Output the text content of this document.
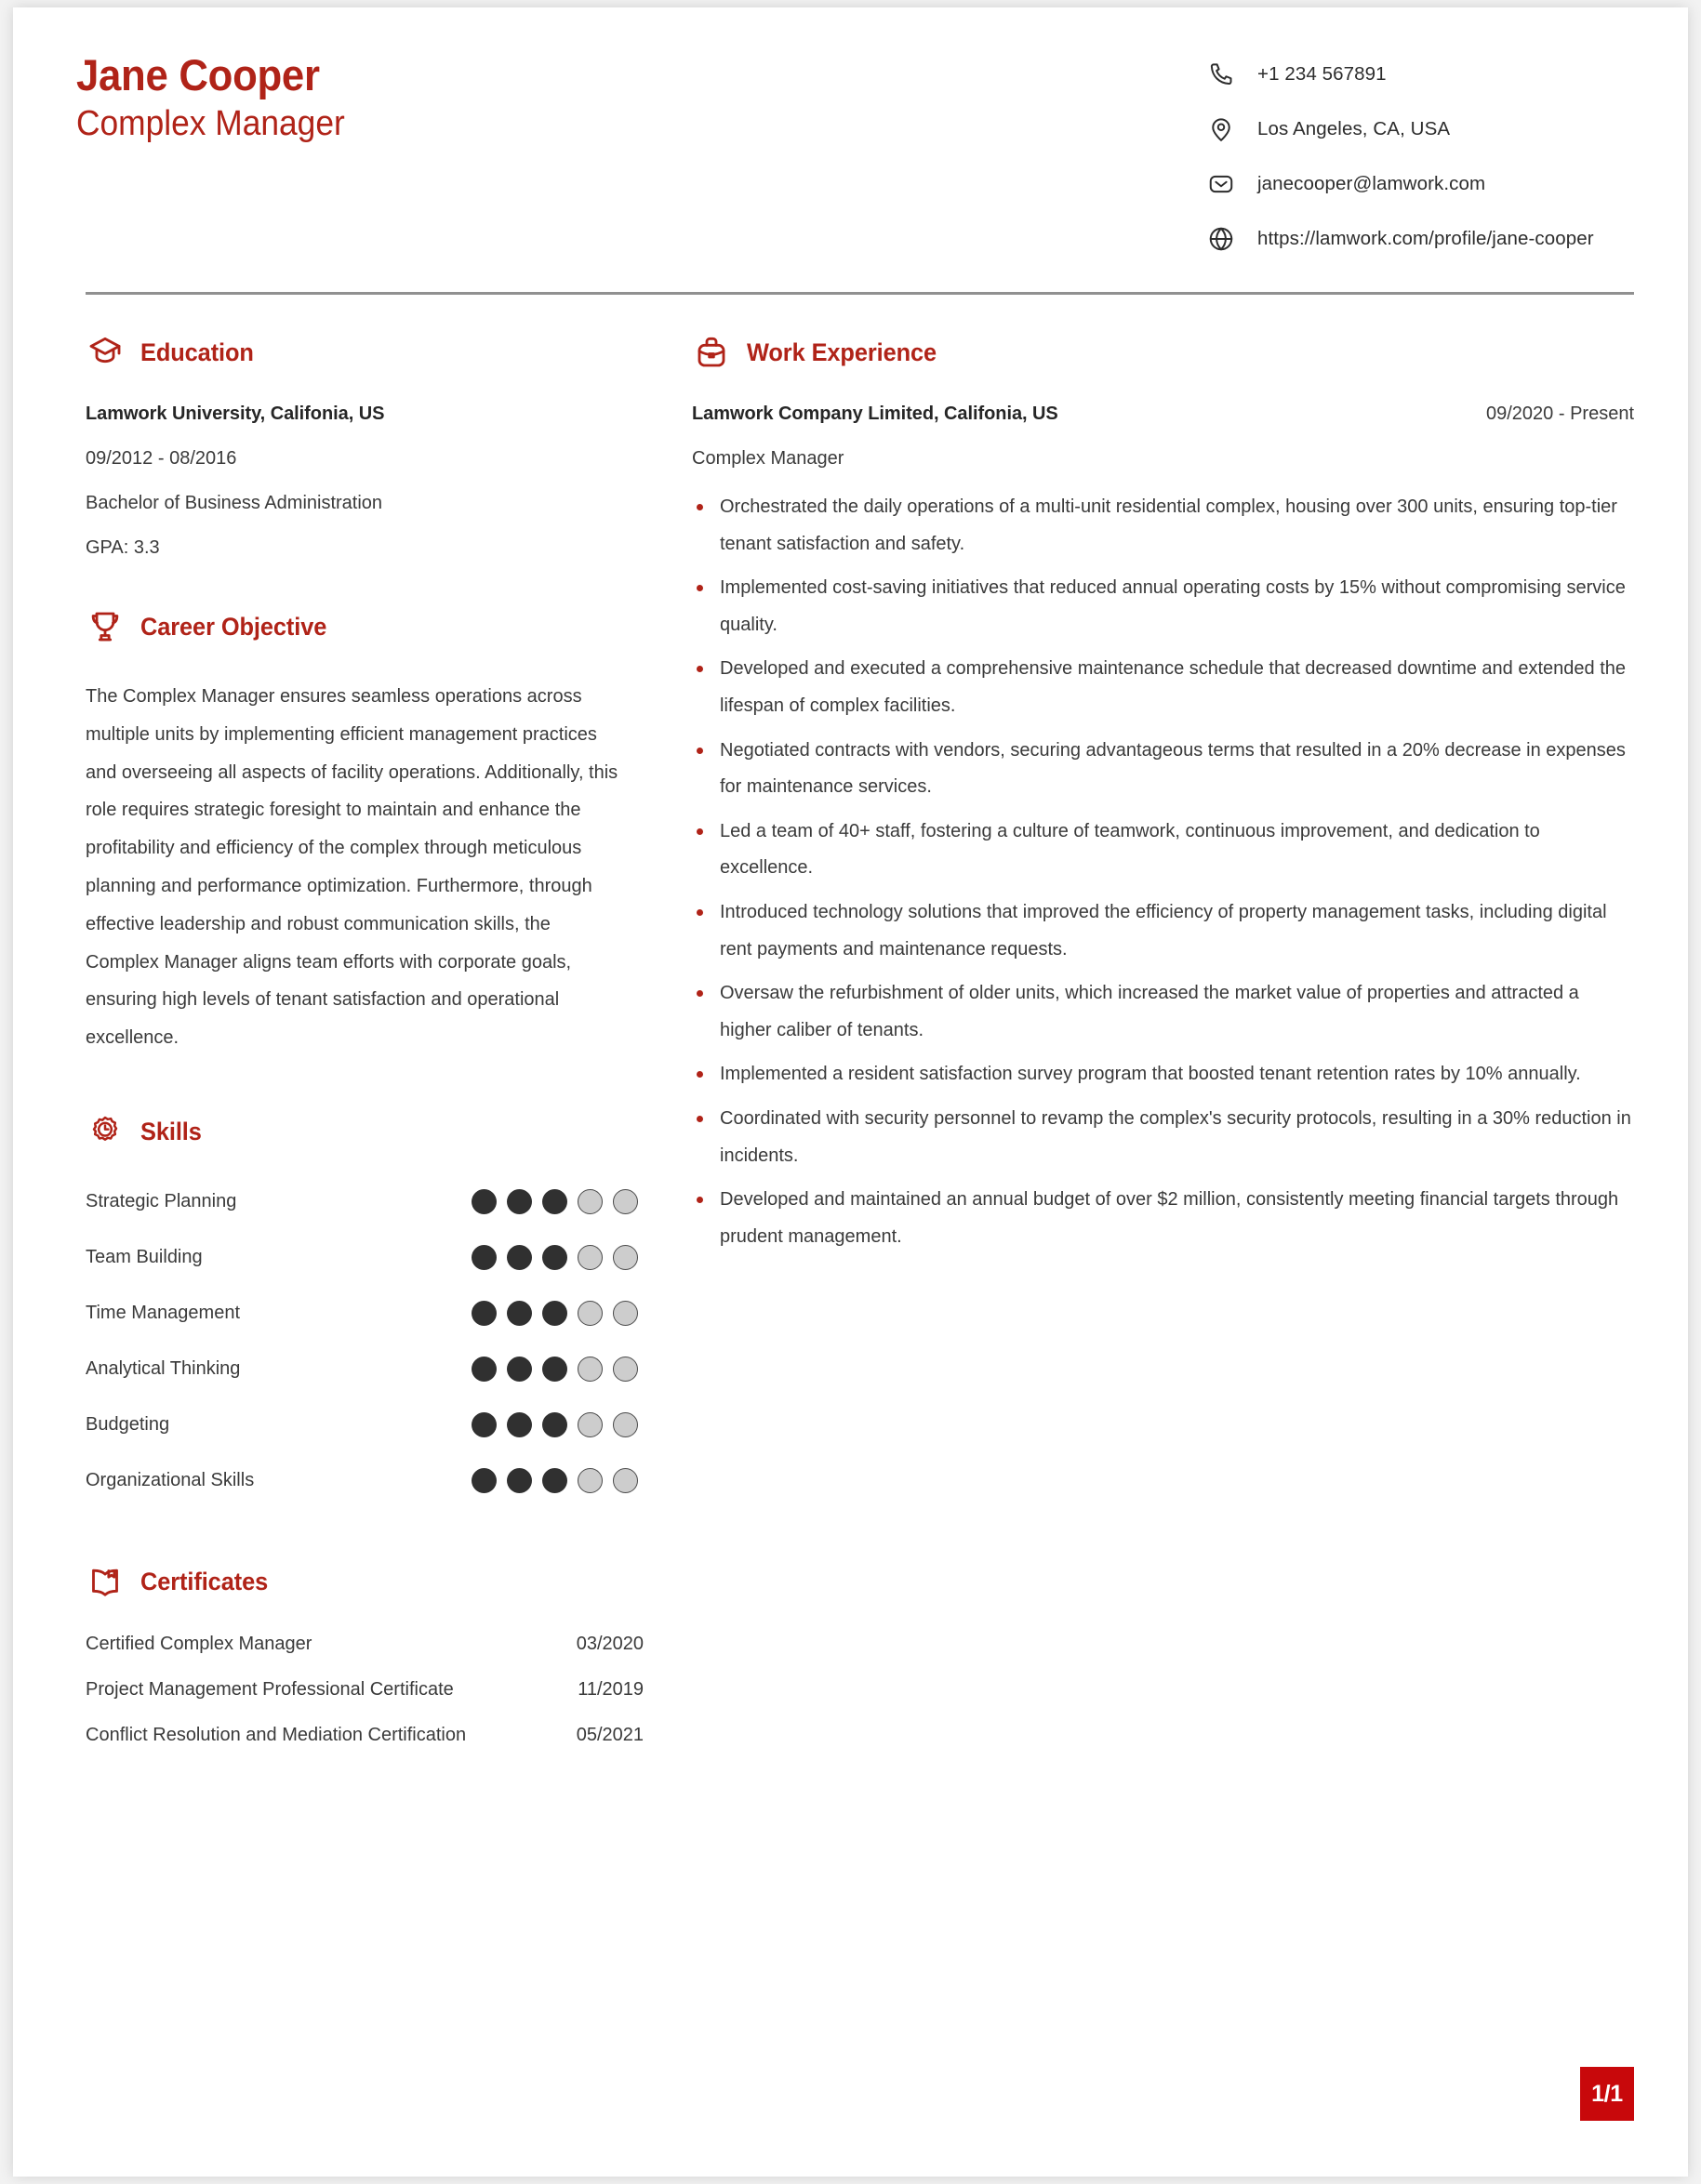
Jane Cooper
Complex Manager
+1 234 567891
Los Angeles, CA, USA
janecooper@lamwork.com
https://lamwork.com/profile/jane-cooper
Education
Lamwork University, Califonia, US
09/2012 - 08/2016
Bachelor of Business Administration
GPA: 3.3
Career Objective
The Complex Manager ensures seamless operations across multiple units by implementing efficient management practices and overseeing all aspects of facility operations. Additionally, this role requires strategic foresight to maintain and enhance the profitability and efficiency of the complex through meticulous planning and performance optimization. Furthermore, through effective leadership and robust communication skills, the Complex Manager aligns team efforts with corporate goals, ensuring high levels of tenant satisfaction and operational excellence.
Skills
Strategic Planning
Team Building
Time Management
Analytical Thinking
Budgeting
Organizational Skills
Certificates
Certified Complex Manager	03/2020
Project Management Professional Certificate	11/2019
Conflict Resolution and Mediation Certification	05/2021
Work Experience
Lamwork Company Limited, Califonia, US	09/2020 - Present
Complex Manager
Orchestrated the daily operations of a multi-unit residential complex, housing over 300 units, ensuring top-tier tenant satisfaction and safety.
Implemented cost-saving initiatives that reduced annual operating costs by 15% without compromising service quality.
Developed and executed a comprehensive maintenance schedule that decreased downtime and extended the lifespan of complex facilities.
Negotiated contracts with vendors, securing advantageous terms that resulted in a 20% decrease in expenses for maintenance services.
Led a team of 40+ staff, fostering a culture of teamwork, continuous improvement, and dedication to excellence.
Introduced technology solutions that improved the efficiency of property management tasks, including digital rent payments and maintenance requests.
Oversaw the refurbishment of older units, which increased the market value of properties and attracted a higher caliber of tenants.
Implemented a resident satisfaction survey program that boosted tenant retention rates by 10% annually.
Coordinated with security personnel to revamp the complex's security protocols, resulting in a 30% reduction in incidents.
Developed and maintained an annual budget of over $2 million, consistently meeting financial targets through prudent management.
1/1
